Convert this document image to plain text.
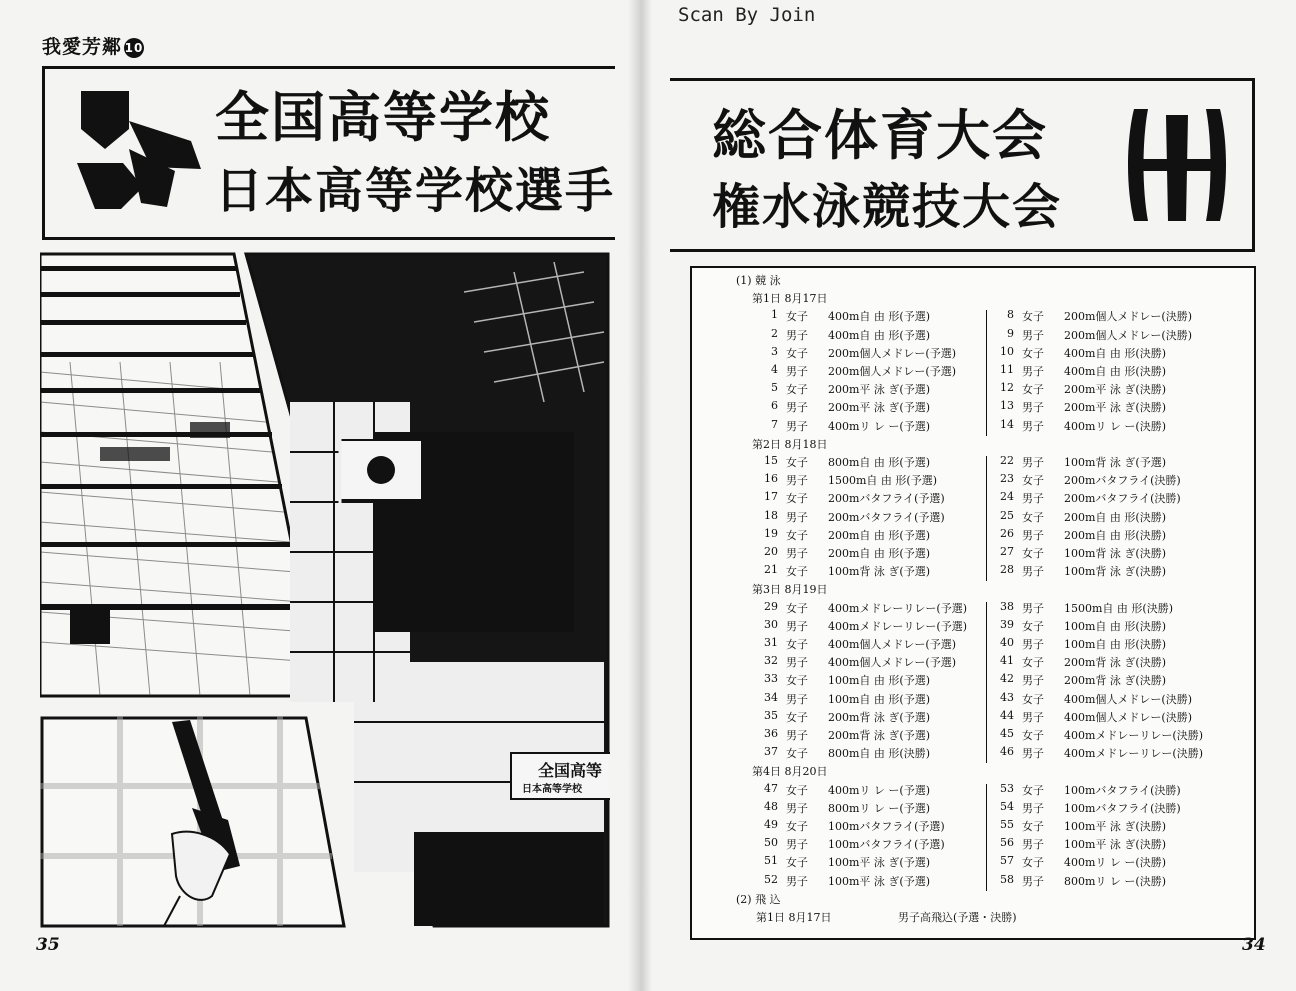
我愛芳鄰 10
Scan By Join
全国高等学校
日本高等学校選手
総合体育大会
権水泳競技大会
全国高等
日本高等学校
(1) 競 泳
第1日 8月17日
1 女子 400m自 由 形(予選)	8 女子 200m個人メドレー(決勝)
2 男子 400m自 由 形(予選)	9 男子 200m個人メドレー(決勝)
3 女子 200m個人メドレー(予選)	10 女子 400m自 由 形(決勝)
4 男子 200m個人メドレー(予選)	11 男子 400m自 由 形(決勝)
5 女子 200m平 泳 ぎ(予選)	12 女子 200m平 泳 ぎ(決勝)
6 男子 200m平 泳 ぎ(予選)	13 男子 200m平 泳 ぎ(決勝)
7 男子 400mリ レ ー(予選)	14 男子 400mリ レ ー(決勝)
第2日 8月18日
15 女子 800m自 由 形(予選)	22 男子 100m背 泳 ぎ(予選)
16 男子 1500m自 由 形(予選)	23 女子 200mバタフライ(決勝)
17 女子 200mバタフライ(予選)	24 男子 200mバタフライ(決勝)
18 男子 200mバタフライ(予選)	25 女子 200m自 由 形(決勝)
19 女子 200m自 由 形(予選)	26 男子 200m自 由 形(決勝)
20 男子 200m自 由 形(予選)	27 女子 100m背 泳 ぎ(決勝)
21 女子 100m背 泳 ぎ(予選)	28 男子 100m背 泳 ぎ(決勝)
第3日 8月19日
29 女子 400mメドレーリレー(予選)	38 男子 1500m自 由 形(決勝)
30 男子 400mメドレーリレー(予選)	39 女子 100m自 由 形(決勝)
31 女子 400m個人メドレー(予選)	40 男子 100m自 由 形(決勝)
32 男子 400m個人メドレー(予選)	41 女子 200m背 泳 ぎ(決勝)
33 女子 100m自 由 形(予選)	42 男子 200m背 泳 ぎ(決勝)
34 男子 100m自 由 形(予選)	43 女子 400m個人メドレー(決勝)
35 女子 200m背 泳 ぎ(予選)	44 男子 400m個人メドレー(決勝)
36 男子 200m背 泳 ぎ(予選)	45 女子 400mメドレーリレー(決勝)
37 女子 800m自 由 形(決勝)	46 男子 400mメドレーリレー(決勝)
第4日 8月20日
47 女子 400mリ レ ー(予選)	53 女子 100mバタフライ(決勝)
48 男子 800mリ レ ー(予選)	54 男子 100mバタフライ(決勝)
49 女子 100mバタフライ(予選)	55 女子 100m平 泳 ぎ(決勝)
50 男子 100mバタフライ(予選)	56 男子 100m平 泳 ぎ(決勝)
51 女子 100m平 泳 ぎ(予選)	57 女子 400mリ レ ー(決勝)
52 男子 100m平 泳 ぎ(予選)	58 男子 800mリ レ ー(決勝)
(2) 飛 込
第1日 8月17日	男子高飛込(予選・決勝)
35	34
